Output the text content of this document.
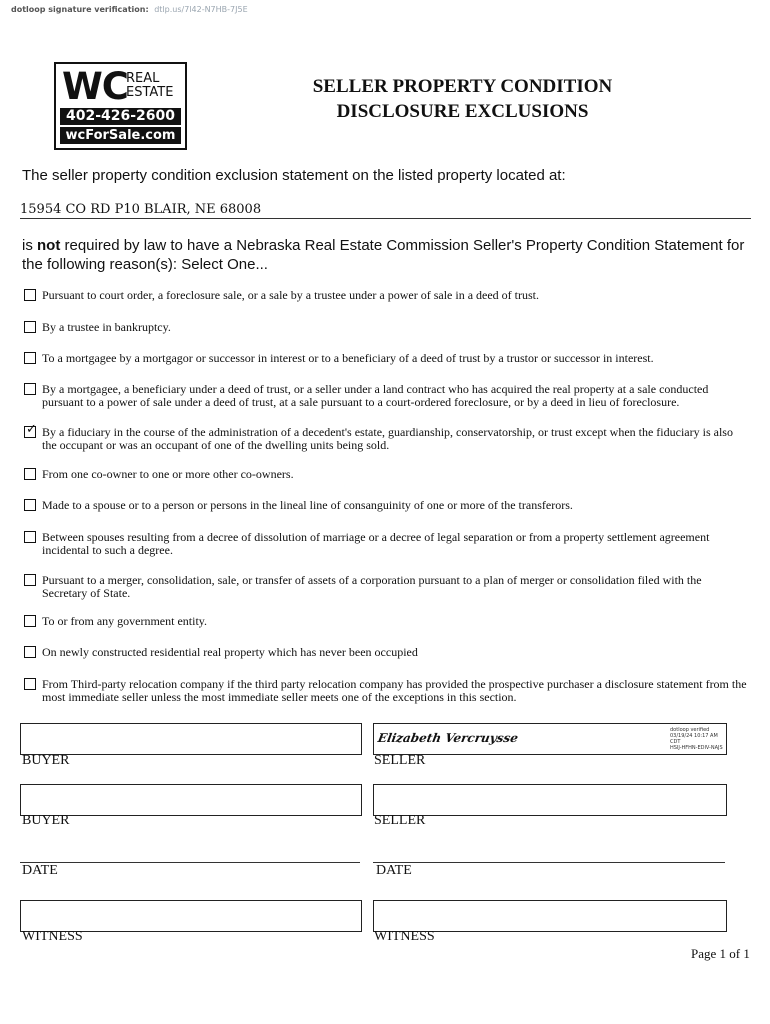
dotloop signature verification: dtlp.us/7l42-N7HB-7J5E
WC
REAL
ESTATE
402-426-2600
wcForSale.com
SELLER PROPERTY CONDITION
DISCLOSURE EXCLUSIONS
The seller property condition exclusion statement on the listed property located at:
15954 CO RD P10 BLAIR, NE 68008
is not required by law to have a Nebraska Real Estate Commission Seller's Property Condition Statement for the following reason(s): Select One...
Pursuant to court order, a foreclosure sale, or a sale by a trustee under a power of sale in a deed of trust.
By a trustee in bankruptcy.
To a mortgagee by a mortgagor or successor in interest or to a beneficiary of a deed of trust by a trustor or successor in interest.
By a mortgagee, a beneficiary under a deed of trust, or a seller under a land contract who has acquired the real property at a sale conducted pursuant to a power of sale under a deed of trust, at a sale pursuant to a court-ordered foreclosure, or by a deed in lieu of foreclosure.
✓ By a fiduciary in the course of the administration of a decedent's estate, guardianship, conservatorship, or trust except when the fiduciary is also the occupant or was an occupant of one of the dwelling units being sold.
From one co-owner to one or more other co-owners.
Made to a spouse or to a person or persons in the lineal line of consanguinity of one or more of the transferors.
Between spouses resulting from a decree of dissolution of marriage or a decree of legal separation or from a property settlement agreement incidental to such a degree.
Pursuant to a merger, consolidation, sale, or transfer of assets of a corporation pursuant to a plan of merger or consolidation filed with the Secretary of State.
To or from any government entity.
On newly constructed residential real property which has never been occupied
From Third-party relocation company if the third party relocation company has provided the prospective purchaser a disclosure statement from the most immediate seller unless the most immediate seller meets one of the exceptions in this section.
Elizabeth Vercruysse
dotloop verified
03/19/24 10:17 AM
CDT
HSIJ-HFHN-EDIV-NAJS
BUYER	SELLER
BUYER	SELLER
DATE	DATE
WITNESS	WITNESS
Page 1 of 1
